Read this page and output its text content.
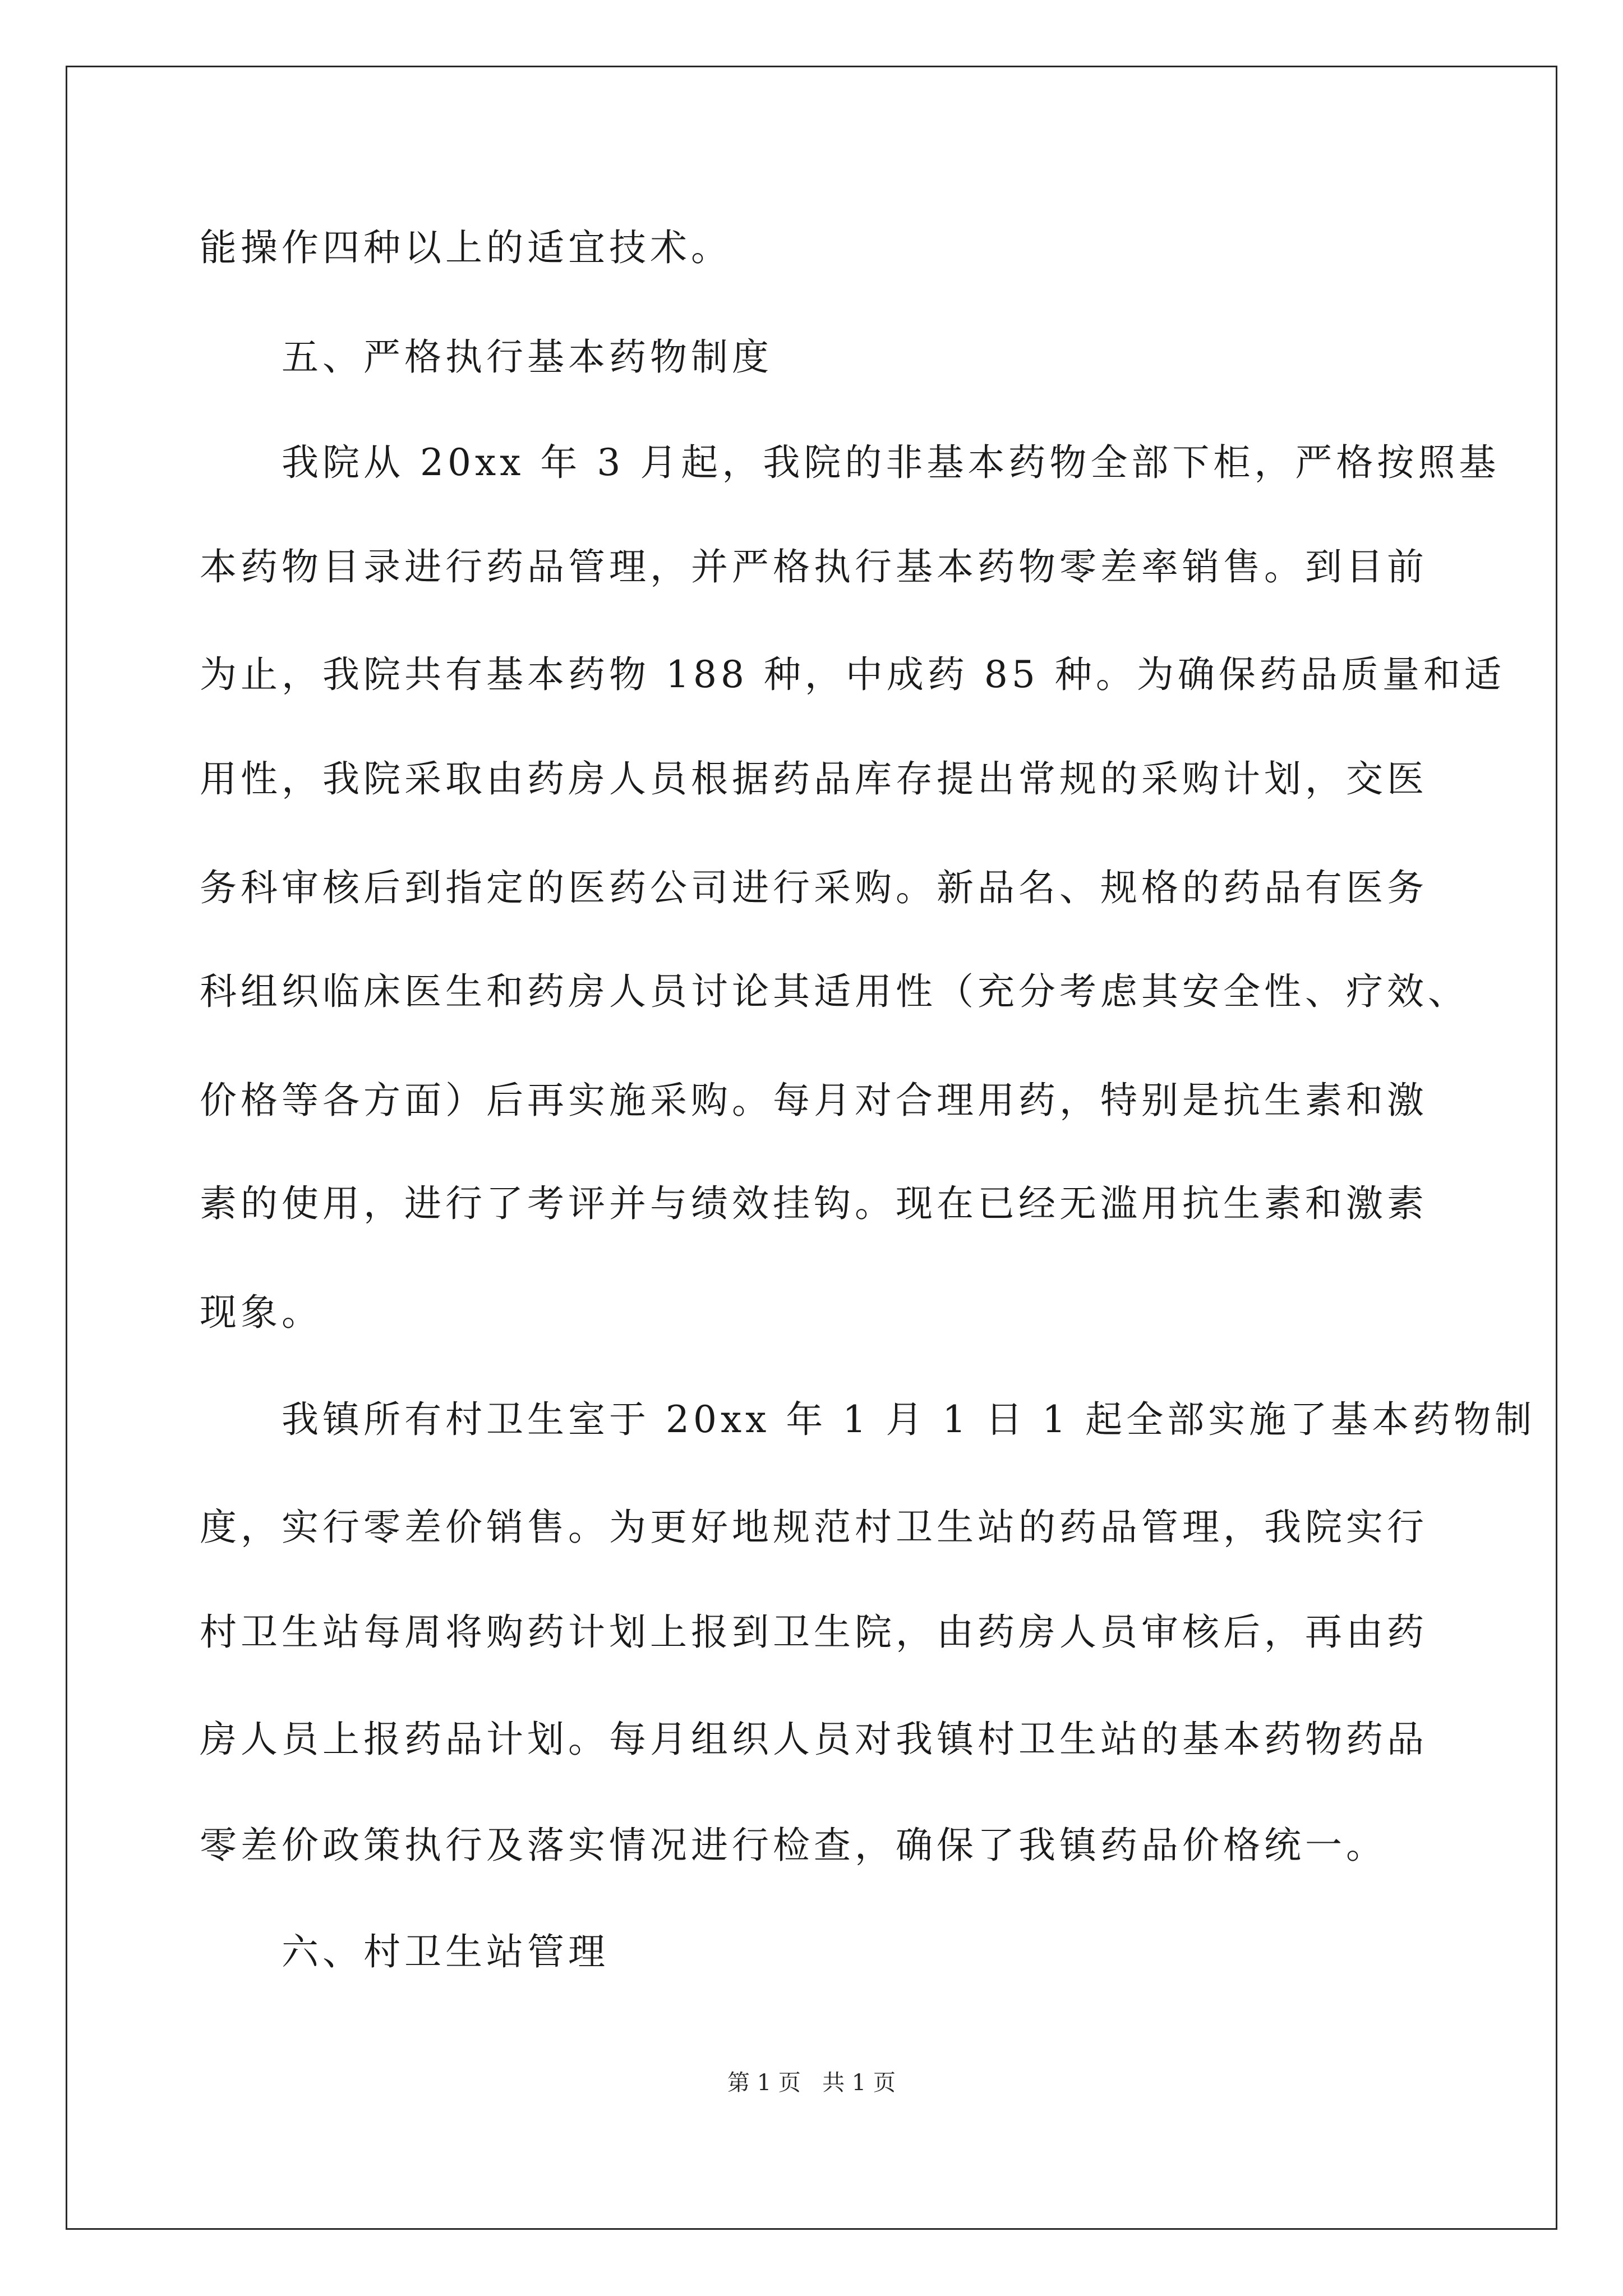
能操作四种以上的适宜技术。
五、严格执行基本药物制度
我院从 20xx 年 3 月起，我院的非基本药物全部下柜，严格按照基
本药物目录进行药品管理，并严格执行基本药物零差率销售。到目前
为止，我院共有基本药物 188 种，中成药 85 种。为确保药品质量和适
用性，我院采取由药房人员根据药品库存提出常规的采购计划，交医
务科审核后到指定的医药公司进行采购。新品名、规格的药品有医务
科组织临床医生和药房人员讨论其适用性（充分考虑其安全性、疗效、
价格等各方面）后再实施采购。每月对合理用药，特别是抗生素和激
素的使用，进行了考评并与绩效挂钩。现在已经无滥用抗生素和激素
现象。
我镇所有村卫生室于 20xx 年 1 月 1 日 1 起全部实施了基本药物制
度，实行零差价销售。为更好地规范村卫生站的药品管理，我院实行
村卫生站每周将购药计划上报到卫生院，由药房人员审核后，再由药
房人员上报药品计划。每月组织人员对我镇村卫生站的基本药物药品
零差价政策执行及落实情况进行检查，确保了我镇药品价格统一。
六、村卫生站管理
第 1 页   共 1 页
